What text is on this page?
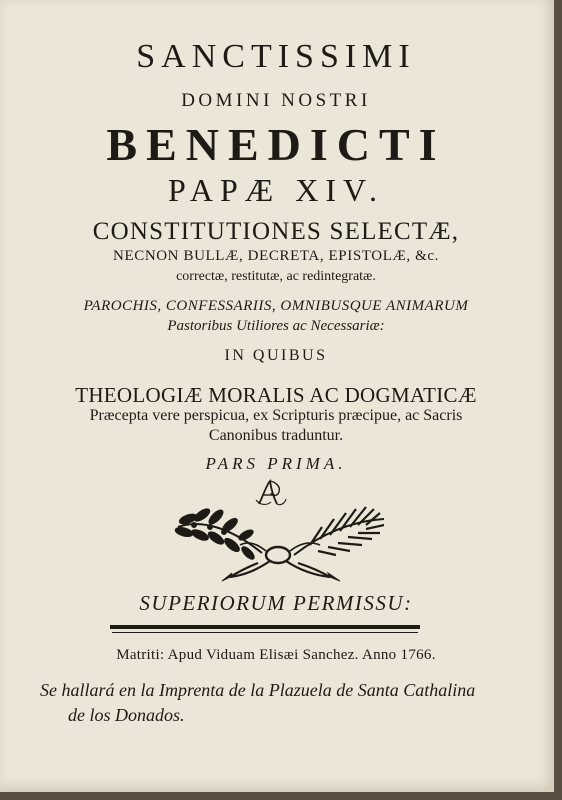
SANCTISSIMI
DOMINI NOSTRI
BENEDICTI
PAPÆ XIV.
CONSTITUTIONES SELECTÆ,
NECNON BULLÆ, DECRETA, EPISTOLÆ, &c.
correctæ, restitutæ, ac redintegratæ.
PAROCHIS, CONFESSARIIS, OMNIBUSQUE ANIMARUM
Pastoribus Utiliores ac Necessariæ:
IN QUIBUS
THEOLOGIÆ MORALIS AC DOGMATICÆ
Præcepta vere perspicua, ex Scripturis præcipue, ac Sacris
Canonibus traduntur.
PARS PRIMA.
SUPERIORUM PERMISSU:
Matriti: Apud Viduam Elisæi Sanchez. Anno 1766.
Se hallará en la Imprenta de la Plazuela de Santa Cathalina
de los Donados.
